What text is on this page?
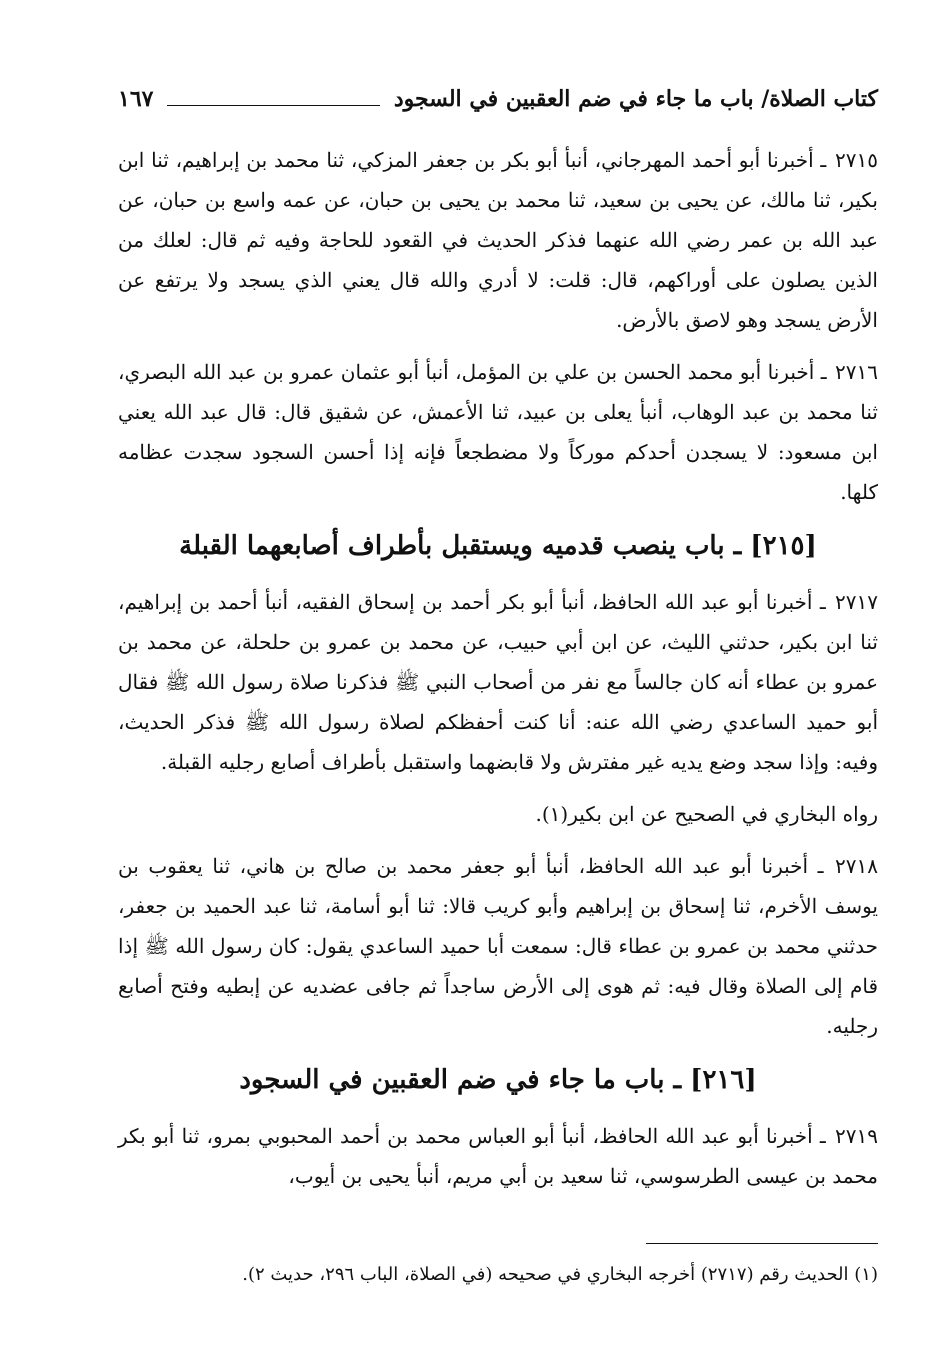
كتاب الصلاة/ باب ما جاء في ضم العقبين في السجود
١٦٧

٢٧١٥ ـ أخبرنا أبو أحمد المهرجاني، أنبأ أبو بكر بن جعفر المزكي، ثنا محمد بن إبراهيم، ثنا ابن بكير، ثنا مالك، عن يحيى بن سعيد، ثنا محمد بن يحيى بن حبان، عن عمه واسع بن حبان، عن عبد الله بن عمر رضي الله عنهما فذكر الحديث في القعود للحاجة وفيه ثم قال: لعلك من الذين يصلون على أوراكهم، قال: قلت: لا أدري والله قال يعني الذي يسجد ولا يرتفع عن الأرض يسجد وهو لاصق بالأرض.

٢٧١٦ ـ أخبرنا أبو محمد الحسن بن علي بن المؤمل، أنبأ أبو عثمان عمرو بن عبد الله البصري، ثنا محمد بن عبد الوهاب، أنبأ يعلى بن عبيد، ثنا الأعمش، عن شقيق قال: قال عبد الله يعني ابن مسعود: لا يسجدن أحدكم موركاً ولا مضطجعاً فإنه إذا أحسن السجود سجدت عظامه كلها.

[٢١٥] ـ باب ينصب قدميه ويستقبل بأطراف أصابعهما القبلة

٢٧١٧ ـ أخبرنا أبو عبد الله الحافظ، أنبأ أبو بكر أحمد بن إسحاق الفقيه، أنبأ أحمد بن إبراهيم، ثنا ابن بكير، حدثني الليث، عن ابن أبي حبيب، عن محمد بن عمرو بن حلحلة، عن محمد بن عمرو بن عطاء أنه كان جالساً مع نفر من أصحاب النبي ﷺ فذكرنا صلاة رسول الله ﷺ فقال أبو حميد الساعدي رضي الله عنه: أنا كنت أحفظكم لصلاة رسول الله ﷺ فذكر الحديث، وفيه: وإذا سجد وضع يديه غير مفترش ولا قابضهما واستقبل بأطراف أصابع رجليه القبلة.

رواه البخاري في الصحيح عن ابن بكير(١).

٢٧١٨ ـ أخبرنا أبو عبد الله الحافظ، أنبأ أبو جعفر محمد بن صالح بن هاني، ثنا يعقوب بن يوسف الأخرم، ثنا إسحاق بن إبراهيم وأبو كريب قالا: ثنا أبو أسامة، ثنا عبد الحميد بن جعفر، حدثني محمد بن عمرو بن عطاء قال: سمعت أبا حميد الساعدي يقول: كان رسول الله ﷺ إذا قام إلى الصلاة وقال فيه: ثم هوى إلى الأرض ساجداً ثم جافى عضديه عن إبطيه وفتح أصابع رجليه.

[٢١٦] ـ باب ما جاء في ضم العقبين في السجود

٢٧١٩ ـ أخبرنا أبو عبد الله الحافظ، أنبأ أبو العباس محمد بن أحمد المحبوبي بمرو، ثنا أبو بكر محمد بن عيسى الطرسوسي، ثنا سعيد بن أبي مريم، أنبأ يحيى بن أيوب،

(١) الحديث رقم (٢٧١٧) أخرجه البخاري في صحيحه (في الصلاة، الباب ٢٩٦، حديث ٢).
